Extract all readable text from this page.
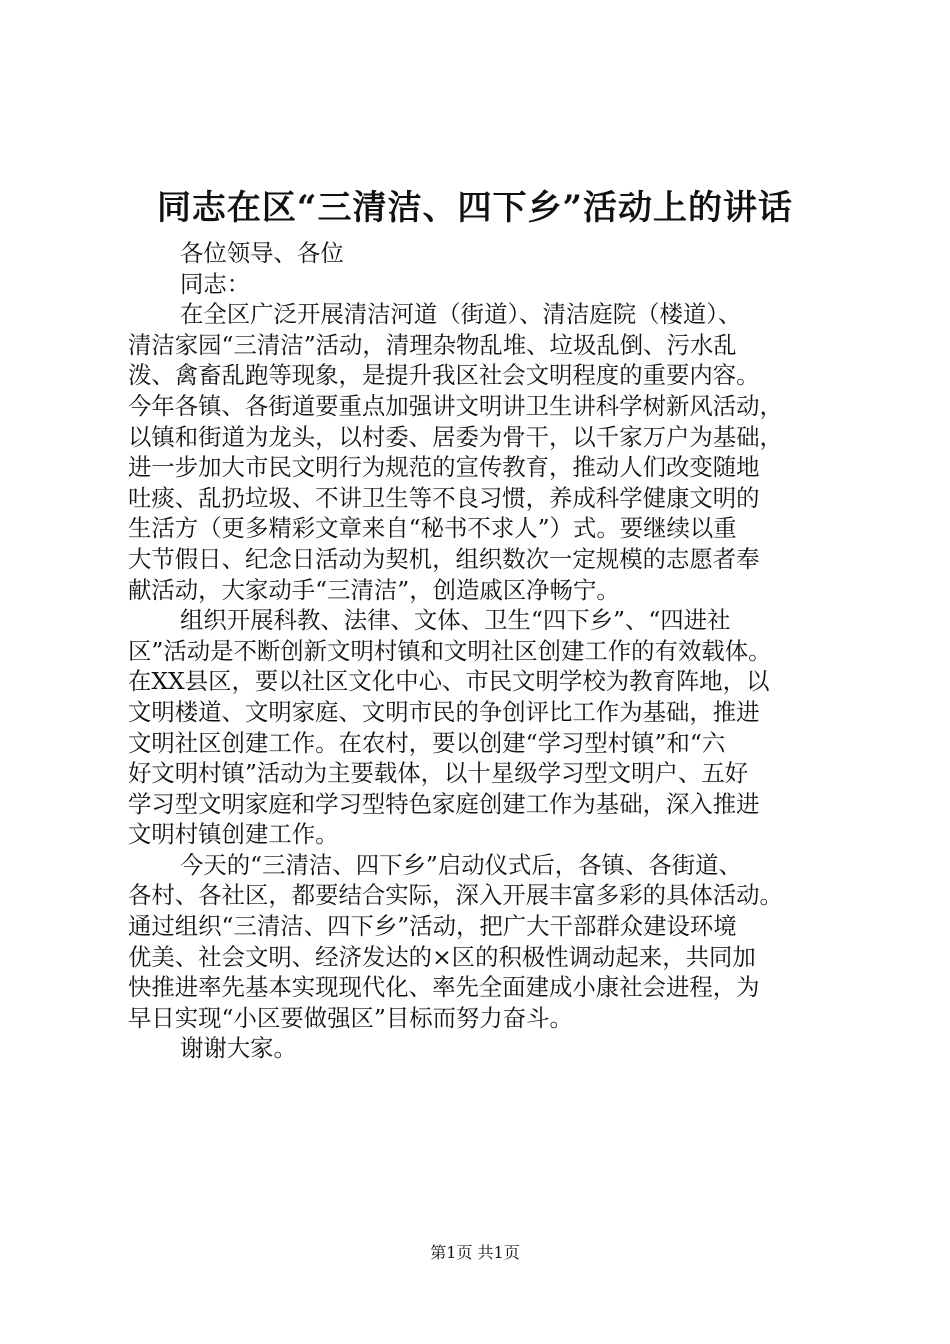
同志在区“三清洁、四下乡”活动上的讲话
各位领导、各位
同志：
在全区广泛开展清洁河道（街道）、清洁庭院（楼道）、
清洁家园“三清洁”活动，清理杂物乱堆、垃圾乱倒、污水乱
泼、禽畜乱跑等现象，是提升我区社会文明程度的重要内容。
今年各镇、各街道要重点加强讲文明讲卫生讲科学树新风活动，
以镇和街道为龙头，以村委、居委为骨干，以千家万户为基础，
进一步加大市民文明行为规范的宣传教育，推动人们改变随地
吐痰、乱扔垃圾、不讲卫生等不良习惯，养成科学健康文明的
生活方（更多精彩文章来自“秘书不求人”）式。要继续以重
大节假日、纪念日活动为契机，组织数次一定规模的志愿者奉
献活动，大家动手“三清洁”，创造戚区净畅宁。
组织开展科教、法律、文体、卫生“四下乡”、“四进社
区”活动是不断创新文明村镇和文明社区创建工作的有效载体。
在XX县区，要以社区文化中心、市民文明学校为教育阵地，以
文明楼道、文明家庭、文明市民的争创评比工作为基础，推进
文明社区创建工作。在农村，要以创建“学习型村镇”和“六
好文明村镇”活动为主要载体，以十星级学习型文明户、五好
学习型文明家庭和学习型特色家庭创建工作为基础，深入推进
文明村镇创建工作。
今天的“三清洁、四下乡”启动仪式后，各镇、各街道、
各村、各社区，都要结合实际，深入开展丰富多彩的具体活动。
通过组织“三清洁、四下乡”活动，把广大干部群众建设环境
优美、社会文明、经济发达的×区的积极性调动起来，共同加
快推进率先基本实现现代化、率先全面建成小康社会进程，为
早日实现“小区要做强区”目标而努力奋斗。
谢谢大家。
第1页 共1页
